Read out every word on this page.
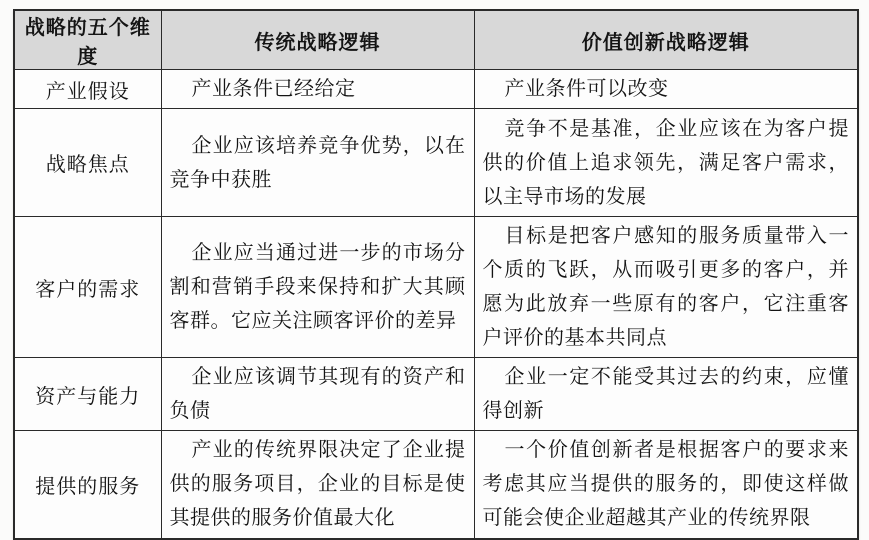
战略的五个维度	传统战略逻辑	价值创新战略逻辑
产业假设	产业条件已经给定	产业条件可以改变

战略焦点	企业应该培养竞争优势，以在竞争中获胜	竞争不是基准，企业应该在为客户提供的价值上追求领先，满足客户需求，以主导市场的发展

客户的需求	企业应当通过进一步的市场分割和营销手段来保持和扩大其顾客群。它应关注顾客评价的差异	目标是把客户感知的服务质量带入一个质的飞跃，从而吸引更多的客户，并愿为此放弃一些原有的客户，它注重客户评价的基本共同点

资产与能力	企业应该调节其现有的资产和负债	企业一定不能受其过去的约束，应懂得创新

提供的服务	产业的传统界限决定了企业提供的服务项目，企业的目标是使其提供的服务价值最大化	一个价值创新者是根据客户的要求来考虑其应当提供的服务的，即使这样做可能会使企业超越其产业的传统界限
